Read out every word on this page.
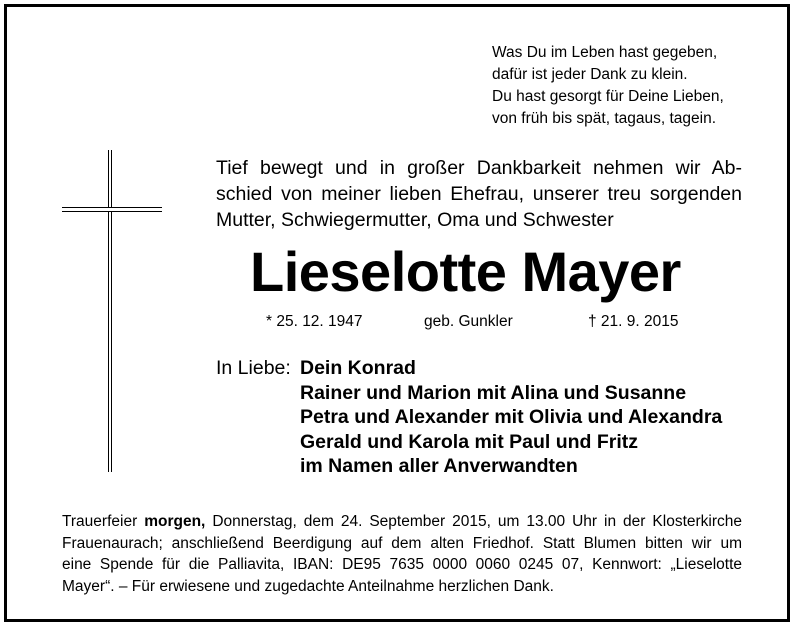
Was Du im Leben hast gegeben,
dafür ist jeder Dank zu klein.
Du hast gesorgt für Deine Lieben,
von früh bis spät, tagaus, tagein.
Tief bewegt und in großer Dankbarkeit nehmen wir Ab-
schied von meiner lieben Ehefrau, unserer treu sorgenden
Mutter, Schwiegermutter, Oma und Schwester
Lieselotte Mayer
* 25. 12. 1947	geb. Gunkler	† 21. 9. 2015
In Liebe: Dein Konrad
Rainer und Marion mit Alina und Susanne
Petra und Alexander mit Olivia und Alexandra
Gerald und Karola mit Paul und Fritz
im Namen aller Anverwandten
Trauerfeier morgen, Donnerstag, dem 24. September 2015, um 13.00 Uhr in der Klosterkirche
Frauenaurach; anschließend Beerdigung auf dem alten Friedhof. Statt Blumen bitten wir um
eine Spende für die Palliavita, IBAN: DE95 7635 0000 0060 0245 07, Kennwort: „Lieselotte
Mayer“. – Für erwiesene und zugedachte Anteilnahme herzlichen Dank.
